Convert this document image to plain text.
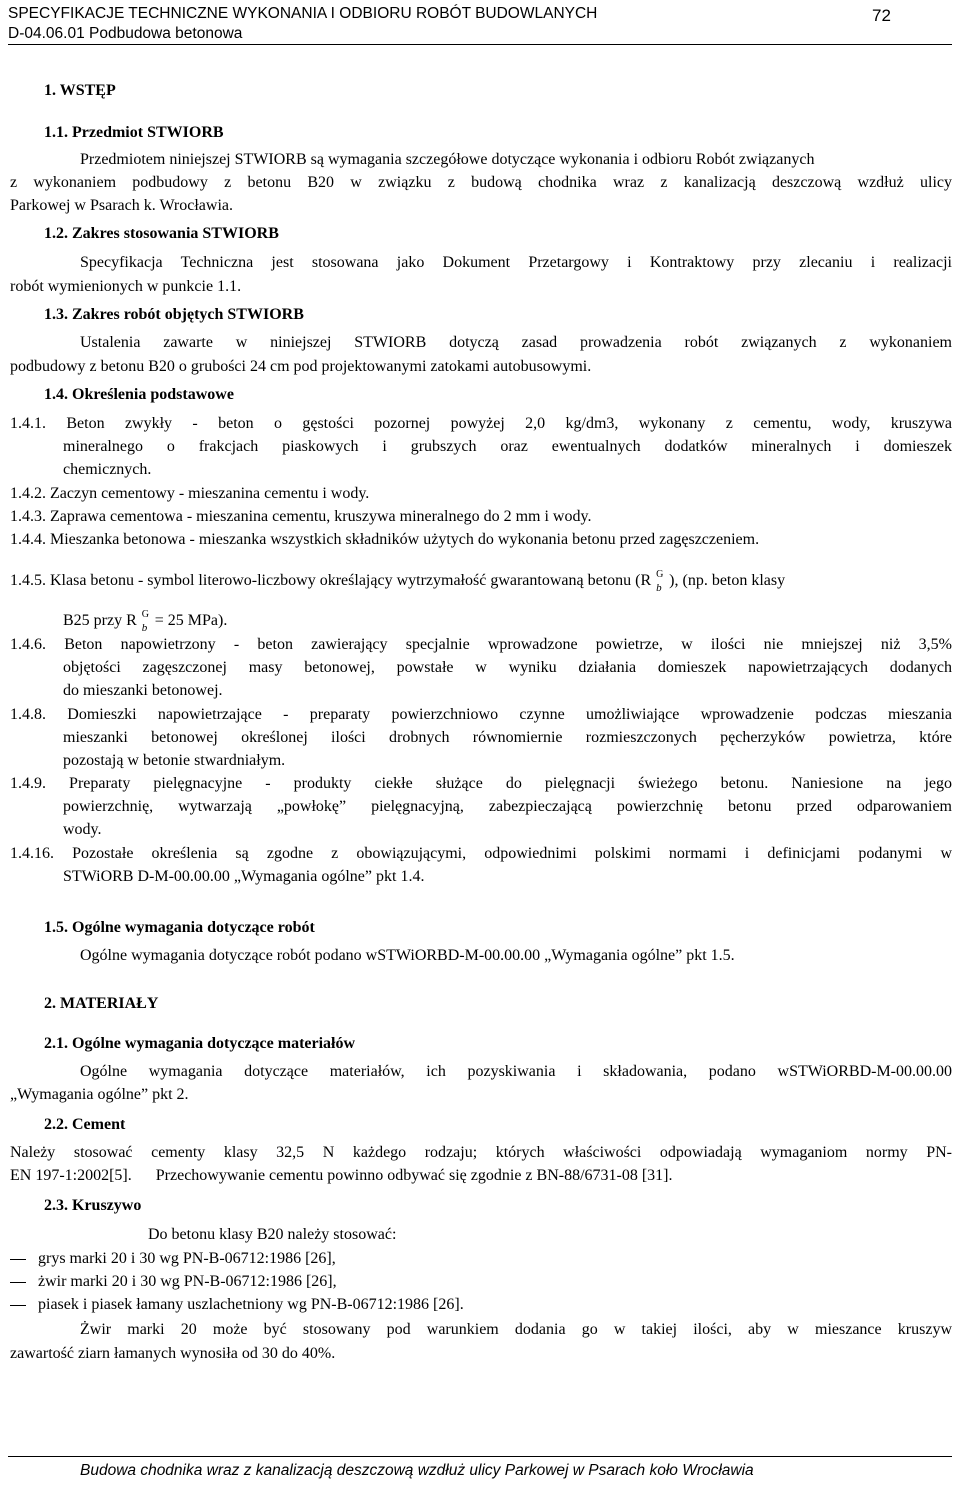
SPECYFIKACJE TECHNICZNE WYKONANIA I ODBIORU ROBÓT BUDOWLANYCH
D-04.06.01 Podbudowa betonowa
72
1. WSTĘP
1.1. Przedmiot STWIORB
Przedmiotem niniejszej STWIORB są wymagania szczegółowe dotyczące wykonania i odbioru Robót związanych
z wykonaniem podbudowy z betonu B20 w związku z budową chodnika wraz z kanalizacją deszczową wzdłuż ulicy
Parkowej w Psarach k. Wrocławia.
1.2. Zakres stosowania STWIORB
Specyfikacja Techniczna jest stosowana jako Dokument Przetargowy i Kontraktowy przy zlecaniu i realizacji
robót wymienionych w punkcie 1.1.
1.3. Zakres robót objętych STWIORB
Ustalenia zawarte w niniejszej STWIORB dotyczą zasad prowadzenia robót związanych z wykonaniem
podbudowy z betonu B20 o grubości 24 cm pod projektowanymi zatokami autobusowymi.
1.4. Określenia podstawowe
1.4.1. Beton zwykły - beton o gęstości pozornej powyżej 2,0 kg/dm3, wykonany z cementu, wody, kruszywa
mineralnego o frakcjach piaskowych i grubszych oraz ewentualnych dodatków mineralnych i domieszek
chemicznych.
1.4.2. Zaczyn cementowy - mieszanina cementu i wody.
1.4.3. Zaprawa cementowa - mieszanina cementu, kruszywa mineralnego do 2 mm i wody.
1.4.4. Mieszanka betonowa - mieszanka wszystkich składników użytych do wykonania betonu przed zagęszczeniem.
1.4.5. Klasa betonu - symbol literowo-liczbowy określający wytrzymałość gwarantowaną betonu (R G
b ), (np. beton klasy
B25 przy R G
b = 25 MPa).
1.4.6. Beton napowietrzony - beton zawierający specjalnie wprowadzone powietrze, w ilości nie mniejszej niż 3,5%
objętości zagęszczonej masy betonowej, powstałe w wyniku działania domieszek napowietrzających dodanych
do mieszanki betonowej.
1.4.8. Domieszki napowietrzające - preparaty powierzchniowo czynne umożliwiające wprowadzenie podczas mieszania
mieszanki betonowej określonej ilości drobnych równomiernie rozmieszczonych pęcherzyków powietrza, które
pozostają w betonie stwardniałym.
1.4.9. Preparaty pielęgnacyjne - produkty ciekłe służące do pielęgnacji świeżego betonu. Naniesione na jego
powierzchnię, wytwarzają „powłokę” pielęgnacyjną, zabezpieczającą powierzchnię betonu przed odparowaniem
wody.
1.4.16. Pozostałe określenia są zgodne z obowiązującymi, odpowiednimi polskimi normami i definicjami podanymi w
STWiORB D-M-00.00.00 „Wymagania ogólne” pkt 1.4.
1.5. Ogólne wymagania dotyczące robót
Ogólne wymagania dotyczące robót podano wSTWiORBD-M-00.00.00 „Wymagania ogólne” pkt 1.5.
2. MATERIAŁY
2.1. Ogólne wymagania dotyczące materiałów
Ogólne wymagania dotyczące materiałów, ich pozyskiwania i składowania, podano wSTWiORBD-M-00.00.00
„Wymagania ogólne” pkt 2.
2.2. Cement
Należy stosować cementy klasy 32,5 N każdego rodzaju; których właściwości odpowiadają wymaganiom normy PN-
EN 197-1:2002[5].      Przechowywanie cementu powinno odbywać się zgodnie z BN-88/6731-08 [31].
2.3. Kruszywo
Do betonu klasy B20 należy stosować:
grys marki 20 i 30 wg PN-B-06712:1986 [26],
żwir marki 20 i 30 wg PN-B-06712:1986 [26],
piasek i piasek łamany uszlachetniony wg PN-B-06712:1986 [26].
Żwir marki 20 może być stosowany pod warunkiem dodania go w takiej ilości, aby w mieszance kruszyw
zawartość ziarn łamanych wynosiła od 30 do 40%.
Budowa chodnika wraz z kanalizacją deszczową wzdłuż ulicy Parkowej w Psarach koło Wrocławia
